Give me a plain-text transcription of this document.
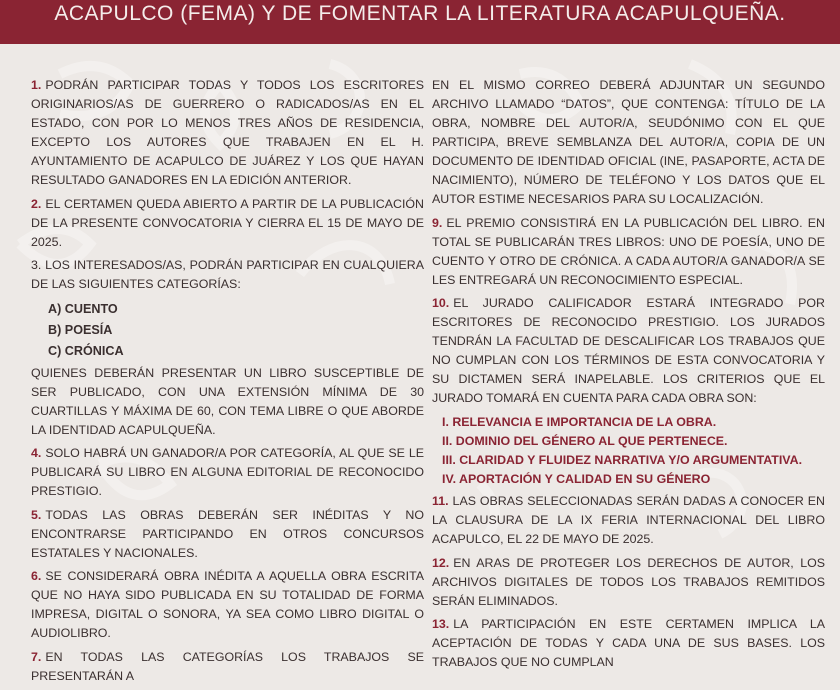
ACAPULCO (FEMA) Y DE FOMENTAR LA LITERATURA ACAPULQUEÑA.

1. PODRÁN PARTICIPAR TODAS Y TODOS LOS ESCRITORES ORIGINARIOS/AS DE GUERRERO O RADICADOS/AS EN EL ESTADO, CON POR LO MENOS TRES AÑOS DE RESIDENCIA, EXCEPTO LOS AUTORES QUE TRABAJEN EN EL H. AYUNTAMIENTO DE ACAPULCO DE JUÁREZ Y LOS QUE HAYAN RESULTADO GANADORES EN LA EDICIÓN ANTERIOR.

2. EL CERTAMEN QUEDA ABIERTO A PARTIR DE LA PUBLICACIÓN DE LA PRESENTE CONVOCATORIA Y CIERRA EL 15 DE MAYO DE 2025.

3. LOS INTERESADOS/AS, PODRÁN PARTICIPAR EN CUALQUIERA DE LAS SIGUIENTES CATEGORÍAS:

A) CUENTO
B) POESÍA
C) CRÓNICA

QUIENES DEBERÁN PRESENTAR UN LIBRO SUSCEPTIBLE DE SER PUBLICADO, CON UNA EXTENSIÓN MÍNIMA DE 30 CUARTILLAS Y MÁXIMA DE 60, CON TEMA LIBRE O QUE ABORDE LA IDENTIDAD ACAPULQUEÑA.

4. SOLO HABRÁ UN GANADOR/A POR CATEGORÍA, AL QUE SE LE PUBLICARÁ SU LIBRO EN ALGUNA EDITORIAL DE RECONOCIDO PRESTIGIO.

5. TODAS LAS OBRAS DEBERÁN SER INÉDITAS Y NO ENCONTRARSE PARTICIPANDO EN OTROS CONCURSOS ESTATALES Y NACIONALES.

6. SE CONSIDERARÁ OBRA INÉDITA A AQUELLA OBRA ESCRITA QUE NO HAYA SIDO PUBLICADA EN SU TOTALIDAD DE FORMA IMPRESA, DIGITAL O SONORA, YA SEA COMO LIBRO DIGITAL O AUDIOLIBRO.

7. EN TODAS LAS CATEGORÍAS LOS TRABAJOS SE PRESENTARÁN A

EN EL MISMO CORREO DEBERÁ ADJUNTAR UN SEGUNDO ARCHIVO LLAMADO “DATOS”, QUE CONTENGA: TÍTULO DE LA OBRA, NOMBRE DEL AUTOR/A, SEUDÓNIMO CON EL QUE PARTICIPA, BREVE SEMBLANZA DEL AUTOR/A, COPIA DE UN DOCUMENTO DE IDENTIDAD OFICIAL (INE, PASAPORTE, ACTA DE NACIMIENTO), NÚMERO DE TELÉFONO Y LOS DATOS QUE EL AUTOR ESTIME NECESARIOS PARA SU LOCALIZACIÓN.

9. EL PREMIO CONSISTIRÁ EN LA PUBLICACIÓN DEL LIBRO. EN TOTAL SE PUBLICARÁN TRES LIBROS: UNO DE POESÍA, UNO DE CUENTO Y OTRO DE CRÓNICA. A CADA AUTOR/A GANADOR/A SE LES ENTREGARÁ UN RECONOCIMIENTO ESPECIAL.

10. EL JURADO CALIFICADOR ESTARÁ INTEGRADO POR ESCRITORES DE RECONOCIDO PRESTIGIO. LOS JURADOS TENDRÁN LA FACULTAD DE DESCALIFICAR LOS TRABAJOS QUE NO CUMPLAN CON LOS TÉRMINOS DE ESTA CONVOCATORIA Y SU DICTAMEN SERÁ INAPELABLE. LOS CRITERIOS QUE EL JURADO TOMARÁ EN CUENTA PARA CADA OBRA SON:

I. RELEVANCIA E IMPORTANCIA DE LA OBRA.
II. DOMINIO DEL GÉNERO AL QUE PERTENECE.
III. CLARIDAD Y FLUIDEZ NARRATIVA Y/O ARGUMENTATIVA.
IV. APORTACIÓN Y CALIDAD EN SU GÉNERO

11. LAS OBRAS SELECCIONADAS SERÁN DADAS A CONOCER EN LA CLAUSURA DE LA IX FERIA INTERNACIONAL DEL LIBRO ACAPULCO, EL 22 DE MAYO DE 2025.

12. EN ARAS DE PROTEGER LOS DERECHOS DE AUTOR, LOS ARCHIVOS DIGITALES DE TODOS LOS TRABAJOS REMITIDOS SERÁN ELIMINADOS.

13. LA PARTICIPACIÓN EN ESTE CERTAMEN IMPLICA LA ACEPTACIÓN DE TODAS Y CADA UNA DE SUS BASES. LOS TRABAJOS QUE NO CUMPLAN
